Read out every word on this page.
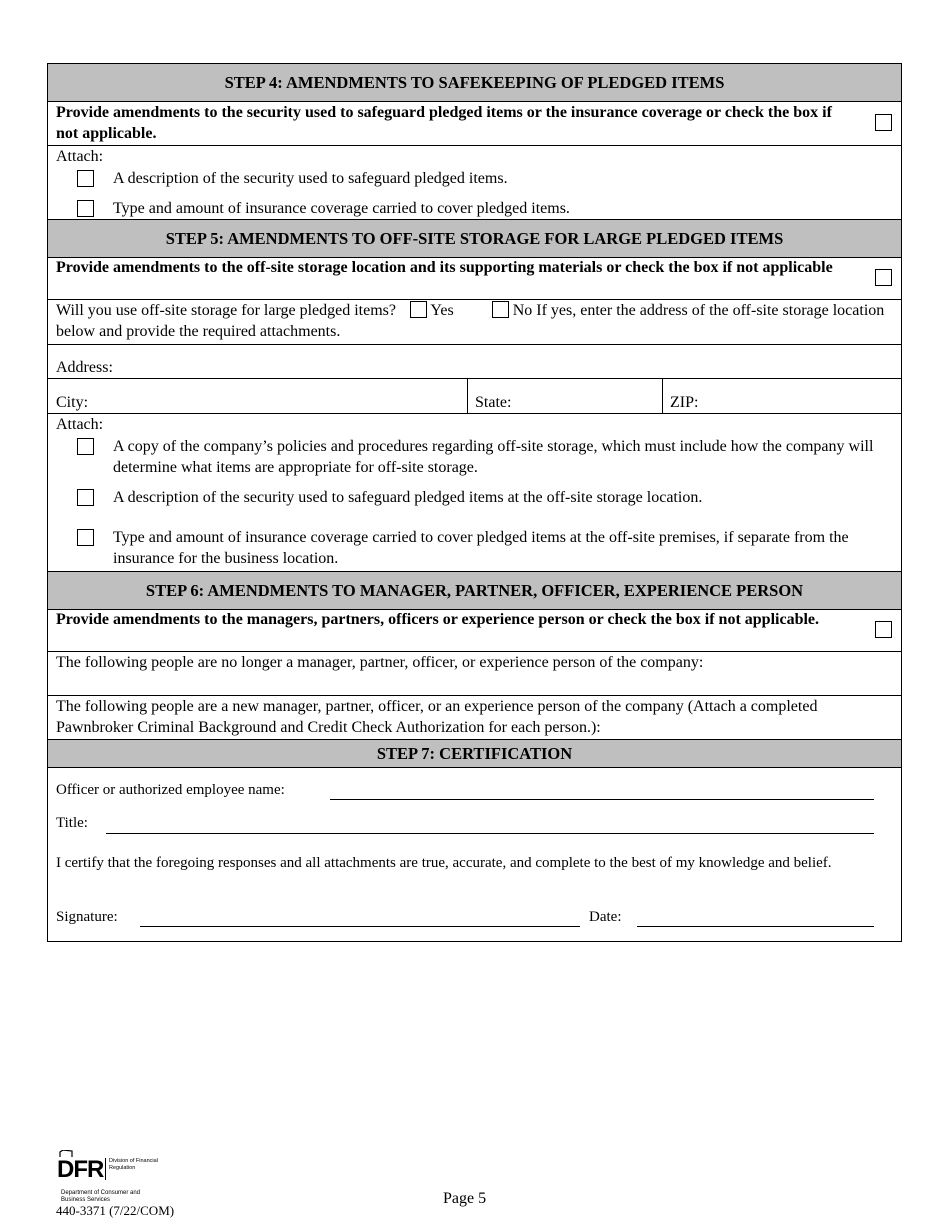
STEP 4: AMENDMENTS TO SAFEKEEPING OF PLEDGED ITEMS
Provide amendments to the security used to safeguard pledged items or the insurance coverage or check the box if not applicable.
Attach:
A description of the security used to safeguard pledged items.
Type and amount of insurance coverage carried to cover pledged items.
STEP 5: AMENDMENTS TO OFF-SITE STORAGE FOR LARGE PLEDGED ITEMS
Provide amendments to the off-site storage location and its supporting materials or check the box if not applicable
Will you use off-site storage for large pledged items? Yes	No If yes, enter the address of the off-site storage location below and provide the required attachments.
Address:
City:	State:	ZIP:
Attach:
A copy of the company’s policies and procedures regarding off-site storage, which must include how the company will determine what items are appropriate for off-site storage.
A description of the security used to safeguard pledged items at the off-site storage location.
Type and amount of insurance coverage carried to cover pledged items at the off-site premises, if separate from the insurance for the business location.
STEP 6: AMENDMENTS TO MANAGER, PARTNER, OFFICER, EXPERIENCE PERSON
Provide amendments to the managers, partners, officers or experience person or check the box if not applicable.
The following people are no longer a manager, partner, officer, or experience person of the company:
The following people are a new manager, partner, officer, or an experience person of the company (Attach a completed Pawnbroker Criminal Background and Credit Check Authorization for each person.):
STEP 7: CERTIFICATION
Officer or authorized employee name:
Title:
I certify that the foregoing responses and all attachments are true, accurate, and complete to the best of my knowledge and belief.
Signature:	Date:
DFR Division of Financial Regulation
Department of Consumer and Business Services
440-3371 (7/22/COM)
Page 5
